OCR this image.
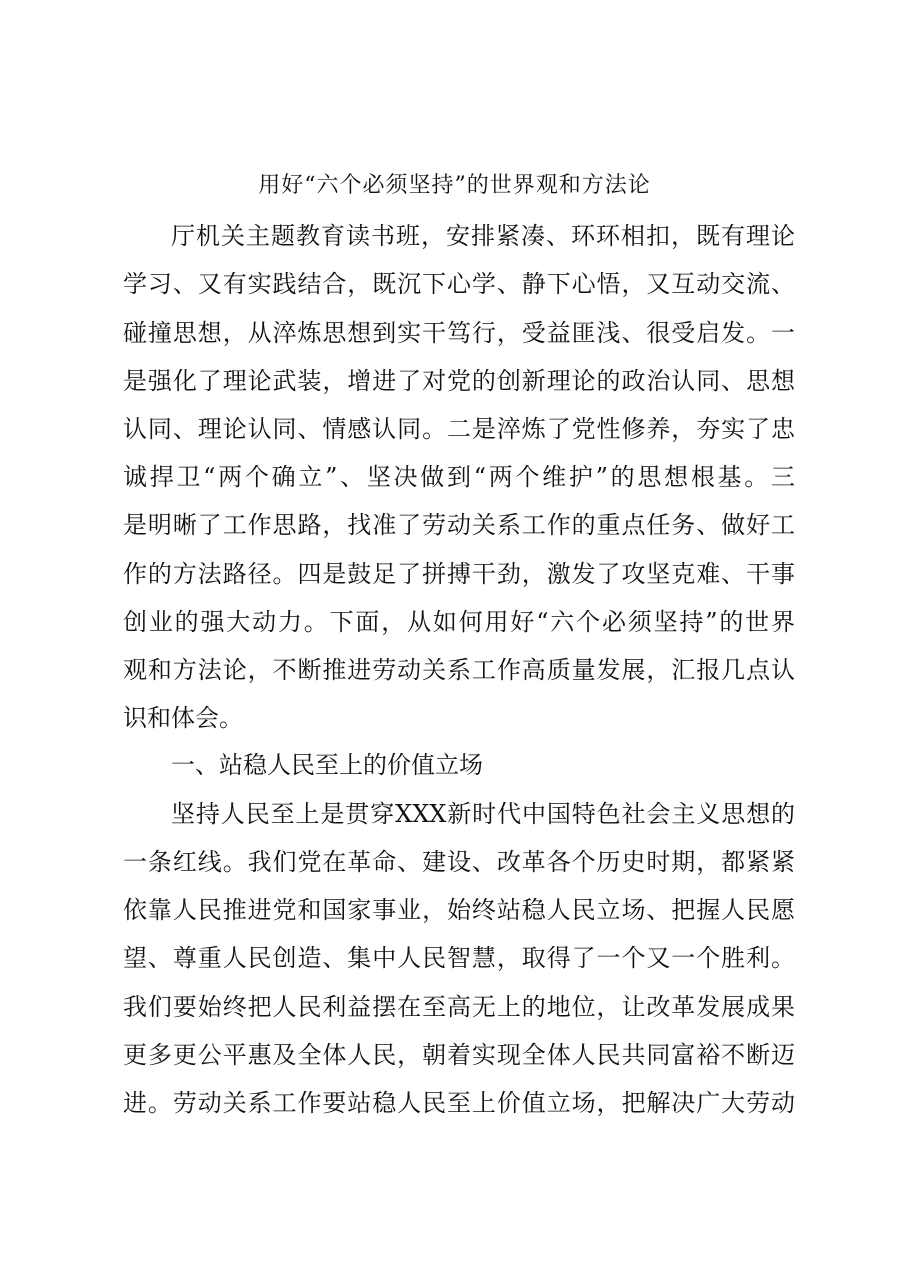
用好“六个必须坚持”的世界观和方法论
厅机关主题教育读书班，安排紧凑、环环相扣，既有理论
学习、又有实践结合，既沉下心学、静下心悟，又互动交流、
碰撞思想，从淬炼思想到实干笃行，受益匪浅、很受启发。一
是强化了理论武装，增进了对党的创新理论的政治认同、思想
认同、理论认同、情感认同。二是淬炼了党性修养，夯实了忠
诚捍卫“两个确立”、坚决做到“两个维护”的思想根基。三
是明晰了工作思路，找准了劳动关系工作的重点任务、做好工
作的方法路径。四是鼓足了拼搏干劲，激发了攻坚克难、干事
创业的强大动力。下面，从如何用好“六个必须坚持”的世界
观和方法论，不断推进劳动关系工作高质量发展，汇报几点认
识和体会。
一、站稳人民至上的价值立场
坚持人民至上是贯穿XXX新时代中国特色社会主义思想的
一条红线。我们党在革命、建设、改革各个历史时期，都紧紧
依靠人民推进党和国家事业，始终站稳人民立场、把握人民愿
望、尊重人民创造、集中人民智慧，取得了一个又一个胜利。
我们要始终把人民利益摆在至高无上的地位，让改革发展成果
更多更公平惠及全体人民，朝着实现全体人民共同富裕不断迈
进。劳动关系工作要站稳人民至上价值立场，把解决广大劳动
